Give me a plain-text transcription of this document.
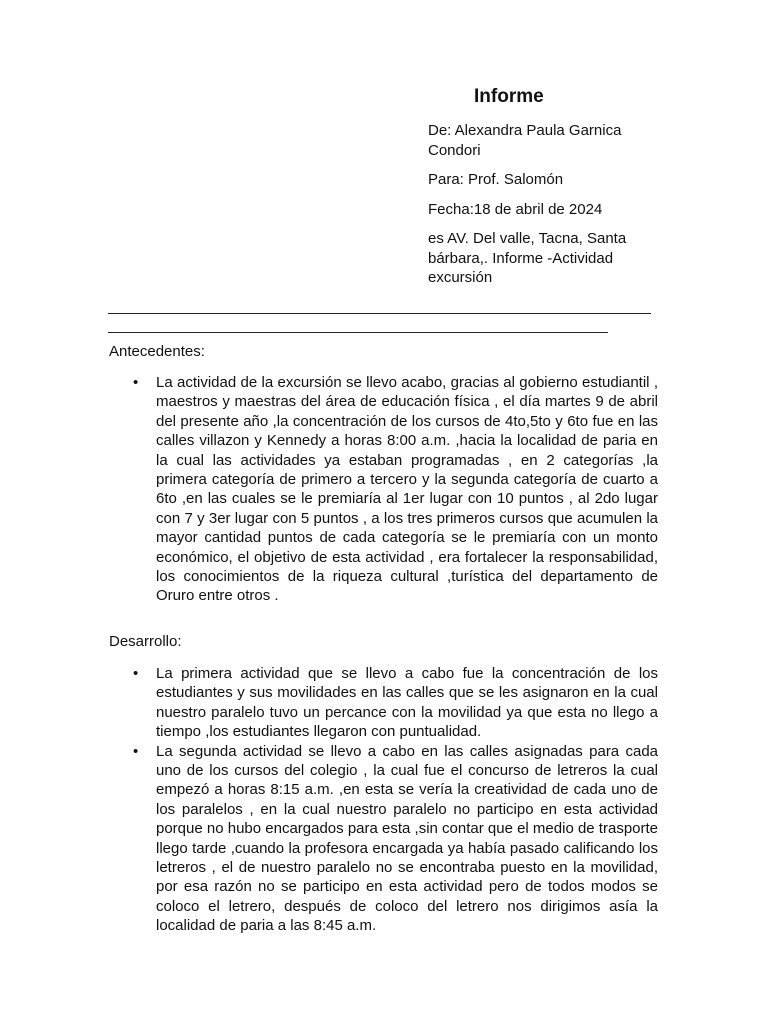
Informe

De: Alexandra Paula Garnica Condori

Para: Prof. Salomón

Fecha:18 de abril de 2024

es AV. Del valle, Tacna, Santa bárbara,. Informe -Actividad excursión

Antecedentes:

• La actividad de la excursión se llevo acabo, gracias al gobierno estudiantil , maestros y maestras del área de educación física , el día martes 9 de abril del presente año ,la concentración de los cursos de 4to,5to y 6to fue en las calles villazon y Kennedy a horas 8:00 a.m. ,hacia la localidad de paria en la cual las actividades ya estaban programadas , en 2 categorías ,la primera categoría de primero a tercero y la segunda categoría de cuarto a 6to ,en las cuales se le premiaría al 1er lugar con 10 puntos , al 2do lugar con 7 y 3er lugar con 5 puntos , a los tres primeros cursos que acumulen la mayor cantidad puntos de cada categoría se le premiaría con un monto económico, el objetivo de esta actividad , era fortalecer la responsabilidad, los conocimientos de la riqueza cultural ,turística del departamento de Oruro entre otros .

Desarrollo:

• La primera actividad que se llevo a cabo fue la concentración de los estudiantes y sus movilidades en las calles que se les asignaron en la cual nuestro paralelo tuvo un percance con la movilidad ya que esta no llego a tiempo ,los estudiantes llegaron con puntualidad.
• La segunda actividad se llevo a cabo en las calles asignadas para cada uno de los cursos del colegio , la cual fue el concurso de letreros la cual empezó a horas 8:15 a.m. ,en esta se vería la creatividad de cada uno de los paralelos , en la cual nuestro paralelo no participo en esta actividad porque no hubo encargados para esta ,sin contar que el medio de trasporte llego tarde ,cuando la profesora encargada ya había pasado calificando los letreros , el de nuestro paralelo no se encontraba puesto en la movilidad, por esa razón no se participo en esta actividad pero de todos modos se coloco el letrero, después de coloco del letrero nos dirigimos asía la localidad de paria a las 8:45 a.m.
